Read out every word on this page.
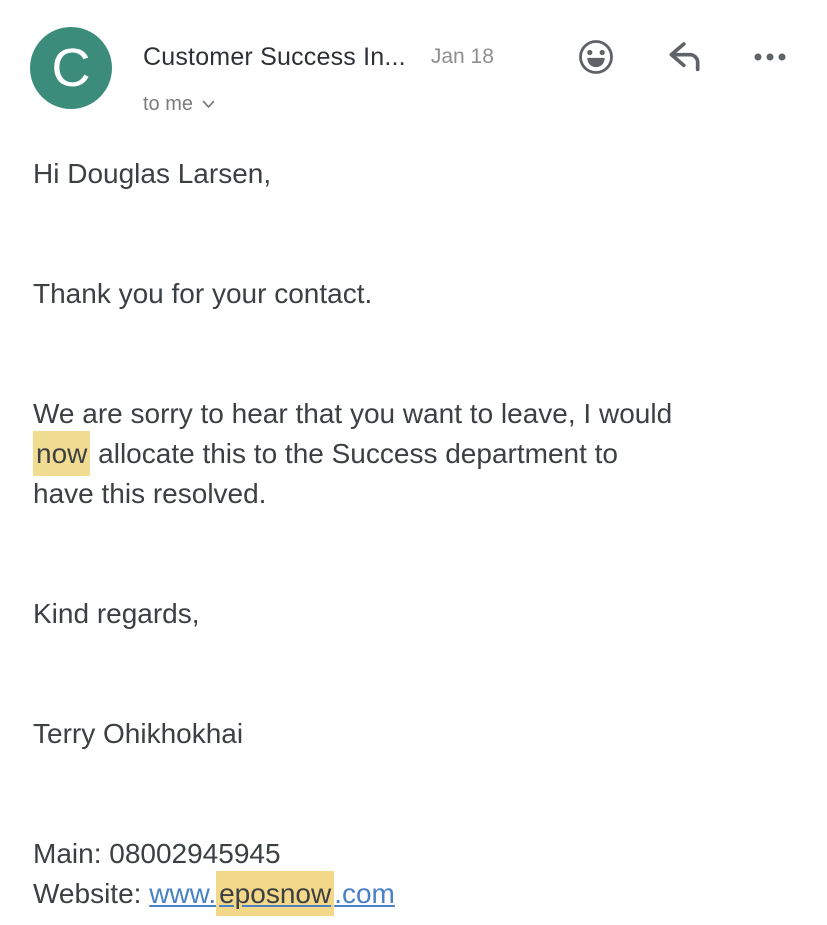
C	Customer Success In... Jan 18
to me

Hi Douglas Larsen,

Thank you for your contact.

We are sorry to hear that you want to leave, I would
now allocate this to the Success department to
have this resolved.

Kind regards,

Terry Ohikhokhai

Main: 08002945945
Website: www. eposnow .com
